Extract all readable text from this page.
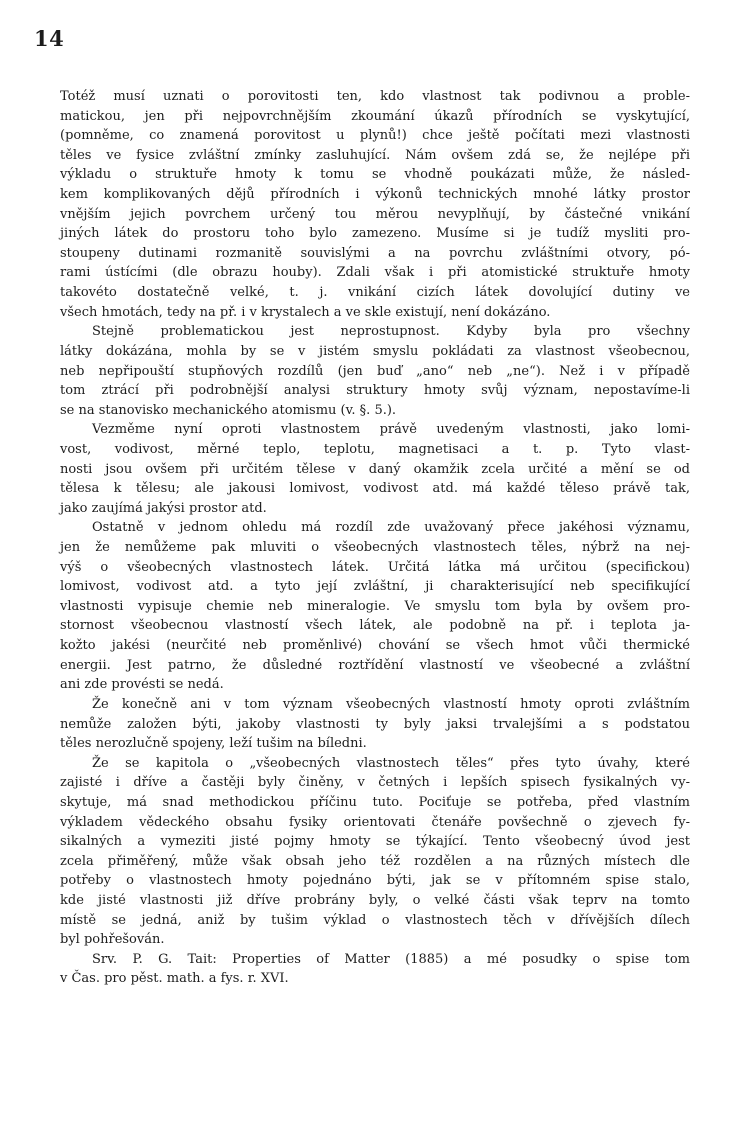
14
Totéž musí uznati o porovitosti ten, kdo vlastnost tak podivnou a proble-
matickou, jen při nejpovrchnějším zkoumání úkazů přírodních se vyskytující,
(pomněme, co znamená porovitost u plynů!) chce ještě počítati mezi vlastnosti
těles ve fysice zvláštní zmínky zasluhující. Nám ovšem zdá se, že nejlépe při
výkladu o struktuře hmoty k tomu se vhodně poukázati může, že násled-
kem komplikovaných dějů přírodních i výkonů technických mnohé látky prostor
vnějším jejich povrchem určený tou měrou nevyplňují, by částečné vnikání
jiných látek do prostoru toho bylo zamezeno. Musíme si je tudíž mysliti pro-
stoupeny dutinami rozmanitě souvislými a na povrchu zvláštními otvory, pó-
rami ústícími (dle obrazu houby). Zdali však i při atomistické struktuře hmoty
takovéto dostatečně velké, t. j. vnikání cizích látek dovolující dutiny ve
všech hmotách, tedy na př. i v krystalech a ve skle existují, není dokázáno.
Stejně problematickou jest neprostupnost. Kdyby byla pro všechny
látky dokázána, mohla by se v jistém smyslu pokládati za vlastnost všeobecnou,
neb nepřipouští stupňových rozdílů (jen buď „ano“ neb „ne“). Než i v případě
tom ztrácí při podrobnější analysi struktury hmoty svůj význam, nepostavíme-li
se na stanovisko mechanického atomismu (v. §. 5.).
Vezměme nyní oproti vlastnostem právě uvedeným vlastnosti, jako lomi-
vost, vodivost, měrné teplo, teplotu, magnetisaci a t. p. Tyto vlast-
nosti jsou ovšem při určitém tělese v daný okamžik zcela určité a mění se od
tělesa k tělesu; ale jakousi lomivost, vodivost atd. má každé těleso právě tak,
jako zaujímá jakýsi prostor atd.
Ostatně v jednom ohledu má rozdíl zde uvažovaný přece jakéhosi významu,
jen že nemůžeme pak mluviti o všeobecných vlastnostech těles, nýbrž na nej-
výš o všeobecných vlastnostech látek. Určitá látka má určitou (specifickou)
lomivost, vodivost atd. a tyto její zvláštní, ji charakterisující neb specifikující
vlastnosti vypisuje chemie neb mineralogie. Ve smyslu tom byla by ovšem pro-
stornost všeobecnou vlastností všech látek, ale podobně na př. i teplota ja-
kožto jakési (neurčité neb proměnlivé) chování se všech hmot vůči thermické
energii. Jest patrno, že důsledné roztřídění vlastností ve všeobecné a zvláštní
ani zde provésti se nedá.
Že konečně ani v tom význam všeobecných vlastností hmoty oproti zvláštním
nemůže založen býti, jakoby vlastnosti ty byly jaksi trvalejšími a s podstatou
těles nerozlučně spojeny, leží tušim na bíledni.
Že se kapitola o „všeobecných vlastnostech těles“ přes tyto úvahy, které
zajisté i dříve a častěji byly činěny, v četných i lepších spisech fysikalných vy-
skytuje, má snad methodickou příčinu tuto. Pociťuje se potřeba, před vlastním
výkladem vědeckého obsahu fysiky orientovati čtenáře povšechně o zjevech fy-
sikalných a vymeziti jisté pojmy hmoty se týkající. Tento všeobecný úvod jest
zcela přiměřený, může však obsah jeho též rozdělen a na různých místech dle
potřeby o vlastnostech hmoty pojednáno býti, jak se v přítomném spise stalo,
kde jisté vlastnosti již dříve probrány byly, o velké části však teprv na tomto
místě se jedná, aniž by tušim výklad o vlastnostech těch v dřívějších dílech
byl pohřešován.
Srv. P. G. Tait: Properties of Matter (1885) a mé posudky o spise tom
v Čas. pro pěst. math. a fys. r. XVI.
